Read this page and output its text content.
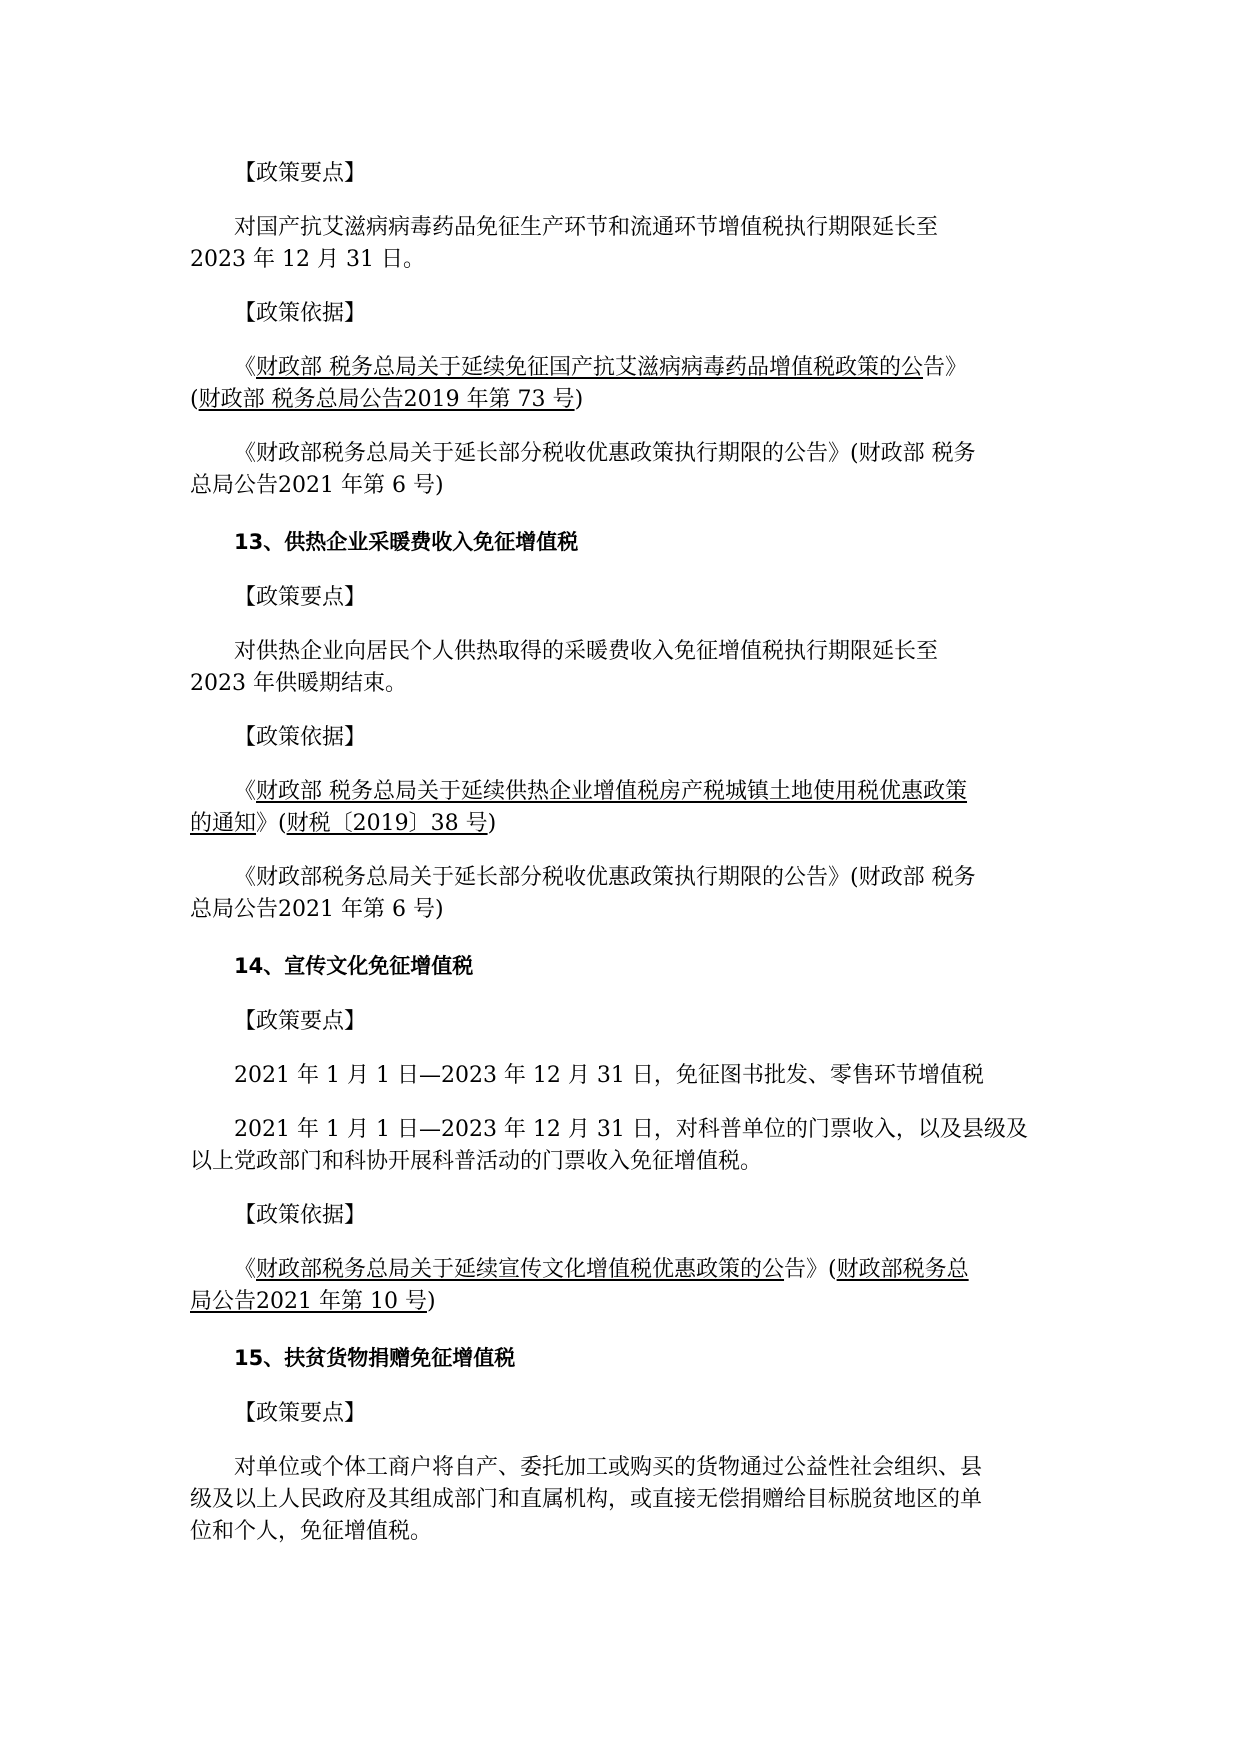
【政策要点】
对国产抗艾滋病病毒药品免征生产环节和流通环节增值税执行期限延长至
2023 年 12 月 31 日。
【政策依据】
《财政部 税务总局关于延续免征国产抗艾滋病病毒药品增值税政策的公告》
(财政部 税务总局公告2019 年第 73 号)
《财政部税务总局关于延长部分税收优惠政策执行期限的公告》(财政部 税务
总局公告2021 年第 6 号)
13、供热企业采暖费收入免征增值税
【政策要点】
对供热企业向居民个人供热取得的采暖费收入免征增值税执行期限延长至
2023 年供暖期结束。
【政策依据】
《财政部 税务总局关于延续供热企业增值税房产税城镇土地使用税优惠政策
的通知》(财税〔2019〕38 号)
《财政部税务总局关于延长部分税收优惠政策执行期限的公告》(财政部 税务
总局公告2021 年第 6 号)
14、宣传文化免征增值税
【政策要点】
2021 年 1 月 1 日—2023 年 12 月 31 日，免征图书批发、零售环节增值税
2021 年 1 月 1 日—2023 年 12 月 31 日，对科普单位的门票收入，以及县级及
以上党政部门和科协开展科普活动的门票收入免征增值税。
【政策依据】
《财政部税务总局关于延续宣传文化增值税优惠政策的公告》(财政部税务总
局公告2021 年第 10 号)
15、扶贫货物捐赠免征增值税
【政策要点】
对单位或个体工商户将自产、委托加工或购买的货物通过公益性社会组织、县
级及以上人民政府及其组成部门和直属机构，或直接无偿捐赠给目标脱贫地区的单
位和个人，免征增值税。
